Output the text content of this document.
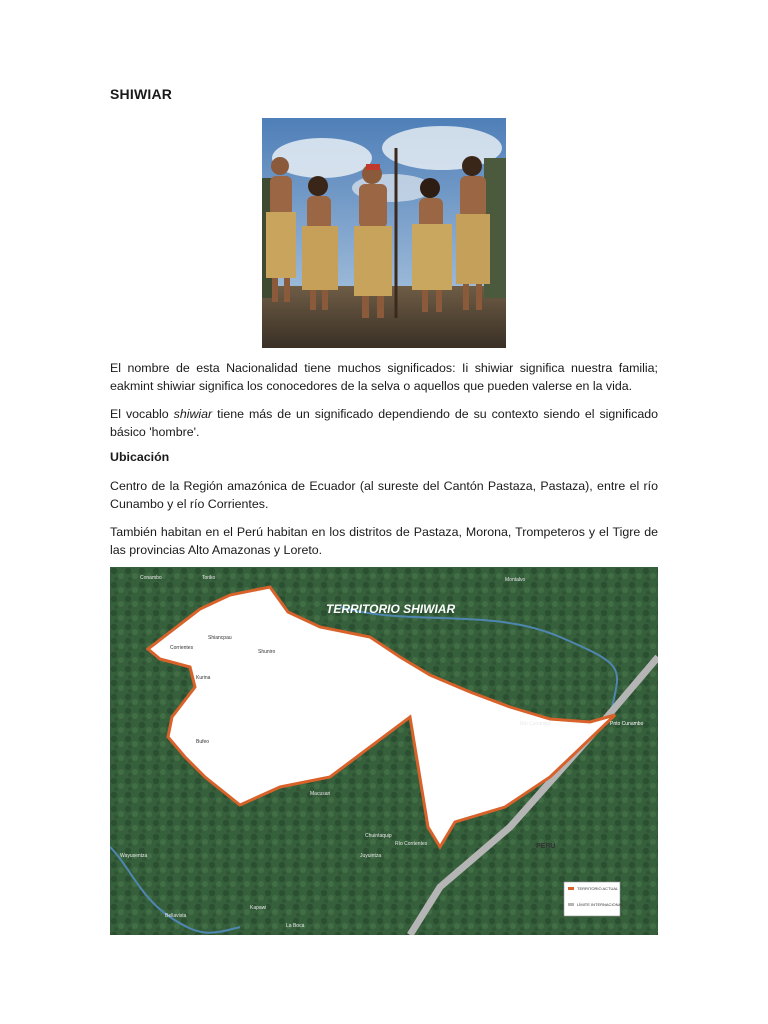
SHIWIAR

El nombre de esta Nacionalidad tiene muchos significados: Ii shiwiar significa nuestra familia; eakmint shiwiar significa los conocedores de la selva o aquellos que pueden valerse en la vida.

El vocablo shiwiar tiene más de un significado dependiendo de su contexto siendo el significado básico 'hombre'.

Ubicación

Centro de la Región amazónica de Ecuador (al sureste del Cantón Pastaza, Pastaza), entre el río Cunambo y el río Corrientes.

También habitan en el Perú habitan en los distritos de Pastaza, Morona, Trompeteros y el Tigre de las provincias Alto Amazonas y Loreto.

TERRITORIO SHIWIAR
Corrientes
Shiancpau
Shuniro
Kurina
Bufeo
Macusari
Chuintaquip
Río Cunambo	Pnto Cunambo
Río Corrientes
Conambo	Toriko	Montalvo
Juyuintza
Kapawi
Wayusentza
Bellavista
La Boca
PERÚ
TERRITORIO ACTUAL
LÍMITE INTERNACIONAL
